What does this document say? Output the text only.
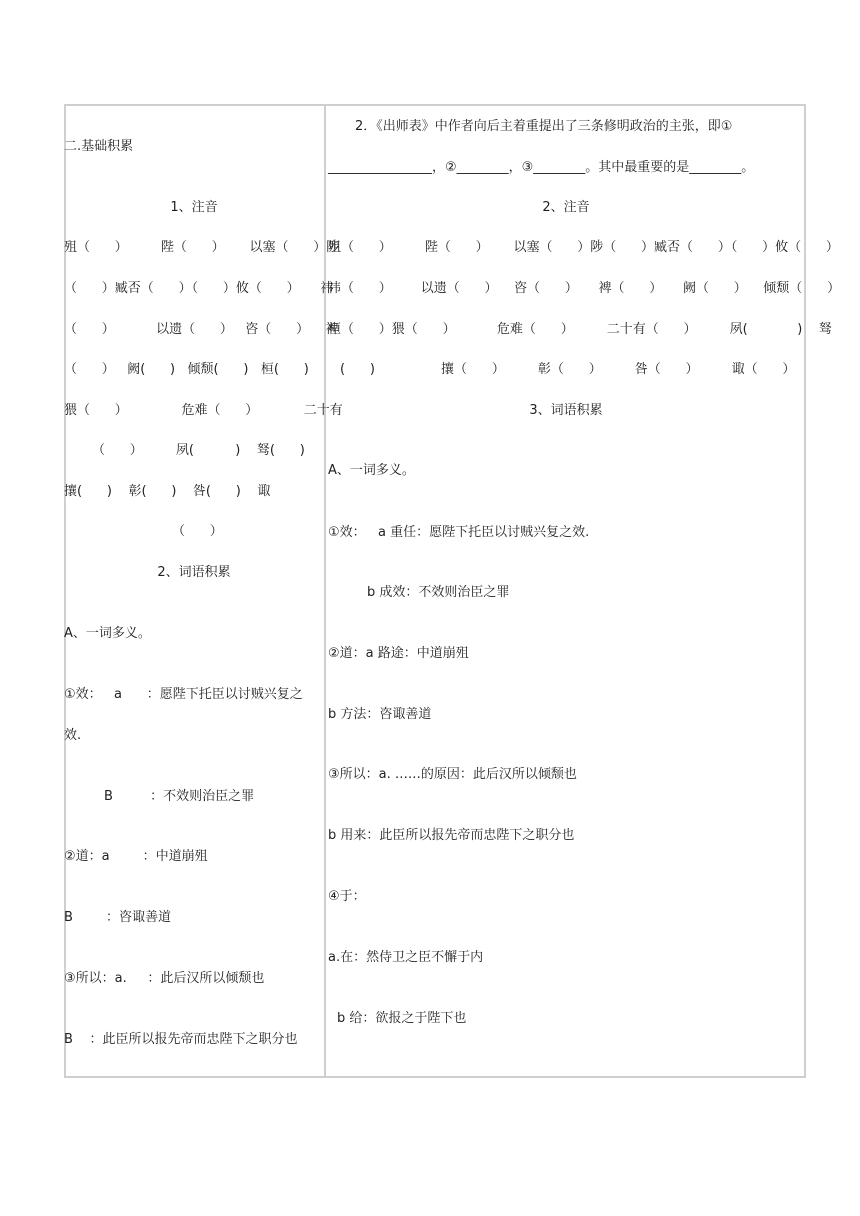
二.基础积累
1、注音
殂（      ）        陛（      ）      以塞（      ）陟
（      ）臧否（      ）（      ）攸（      ）     祎
（      ）          以遗（      ）   咨（      ）    裨
（      ）   阙(      )   倾颓(      )   桓(      )
猥（      ）             危难（      ）           二十有
（      ）        夙(          )    驽(      )
攘(      )    彰(      )    咎(      )    诹
（      ）
2、词语积累
A、一词多义。
①效：   a      ：愿陛下托臣以讨贼兴复之
效.
B         ：不效则治臣之罪
②道：a        ：中道崩殂
B        ：咨诹善道
③所以：a.     ：此后汉所以倾颓也
B    ：此臣所以报先帝而忠陛下之职分也
2．《出师表》中作者向后主着重提出了三条修明政治的主张，即①
________________，②________，③________。其中最重要的是________。
2、注音
殂（      ）        陛（      ）      以塞（      ）陟（      ）臧否（      ）（      ）攸（      ）
祎（      ）       以遗（      ）    咨（      ）     裨（      ）     阙（      ）    倾颓（      ）
桓（      ）猥（      ）          危难（      ）        二十有（      ）        夙(            )    驽
(      )                攘（      ）        彰（      ）        咎（      ）        诹（      ）
3、词语积累
A、一词多义。
①效：   a 重任：愿陛下托臣以讨贼兴复之效.
b 成效：不效则治臣之罪
②道：a 路途：中道崩殂
b 方法：咨诹善道
③所以：a. ……的原因：此后汉所以倾颓也
b 用来：此臣所以报先帝而忠陛下之职分也
④于：
a.在：然侍卫之臣不懈于内
b 给：欲报之于陛下也
